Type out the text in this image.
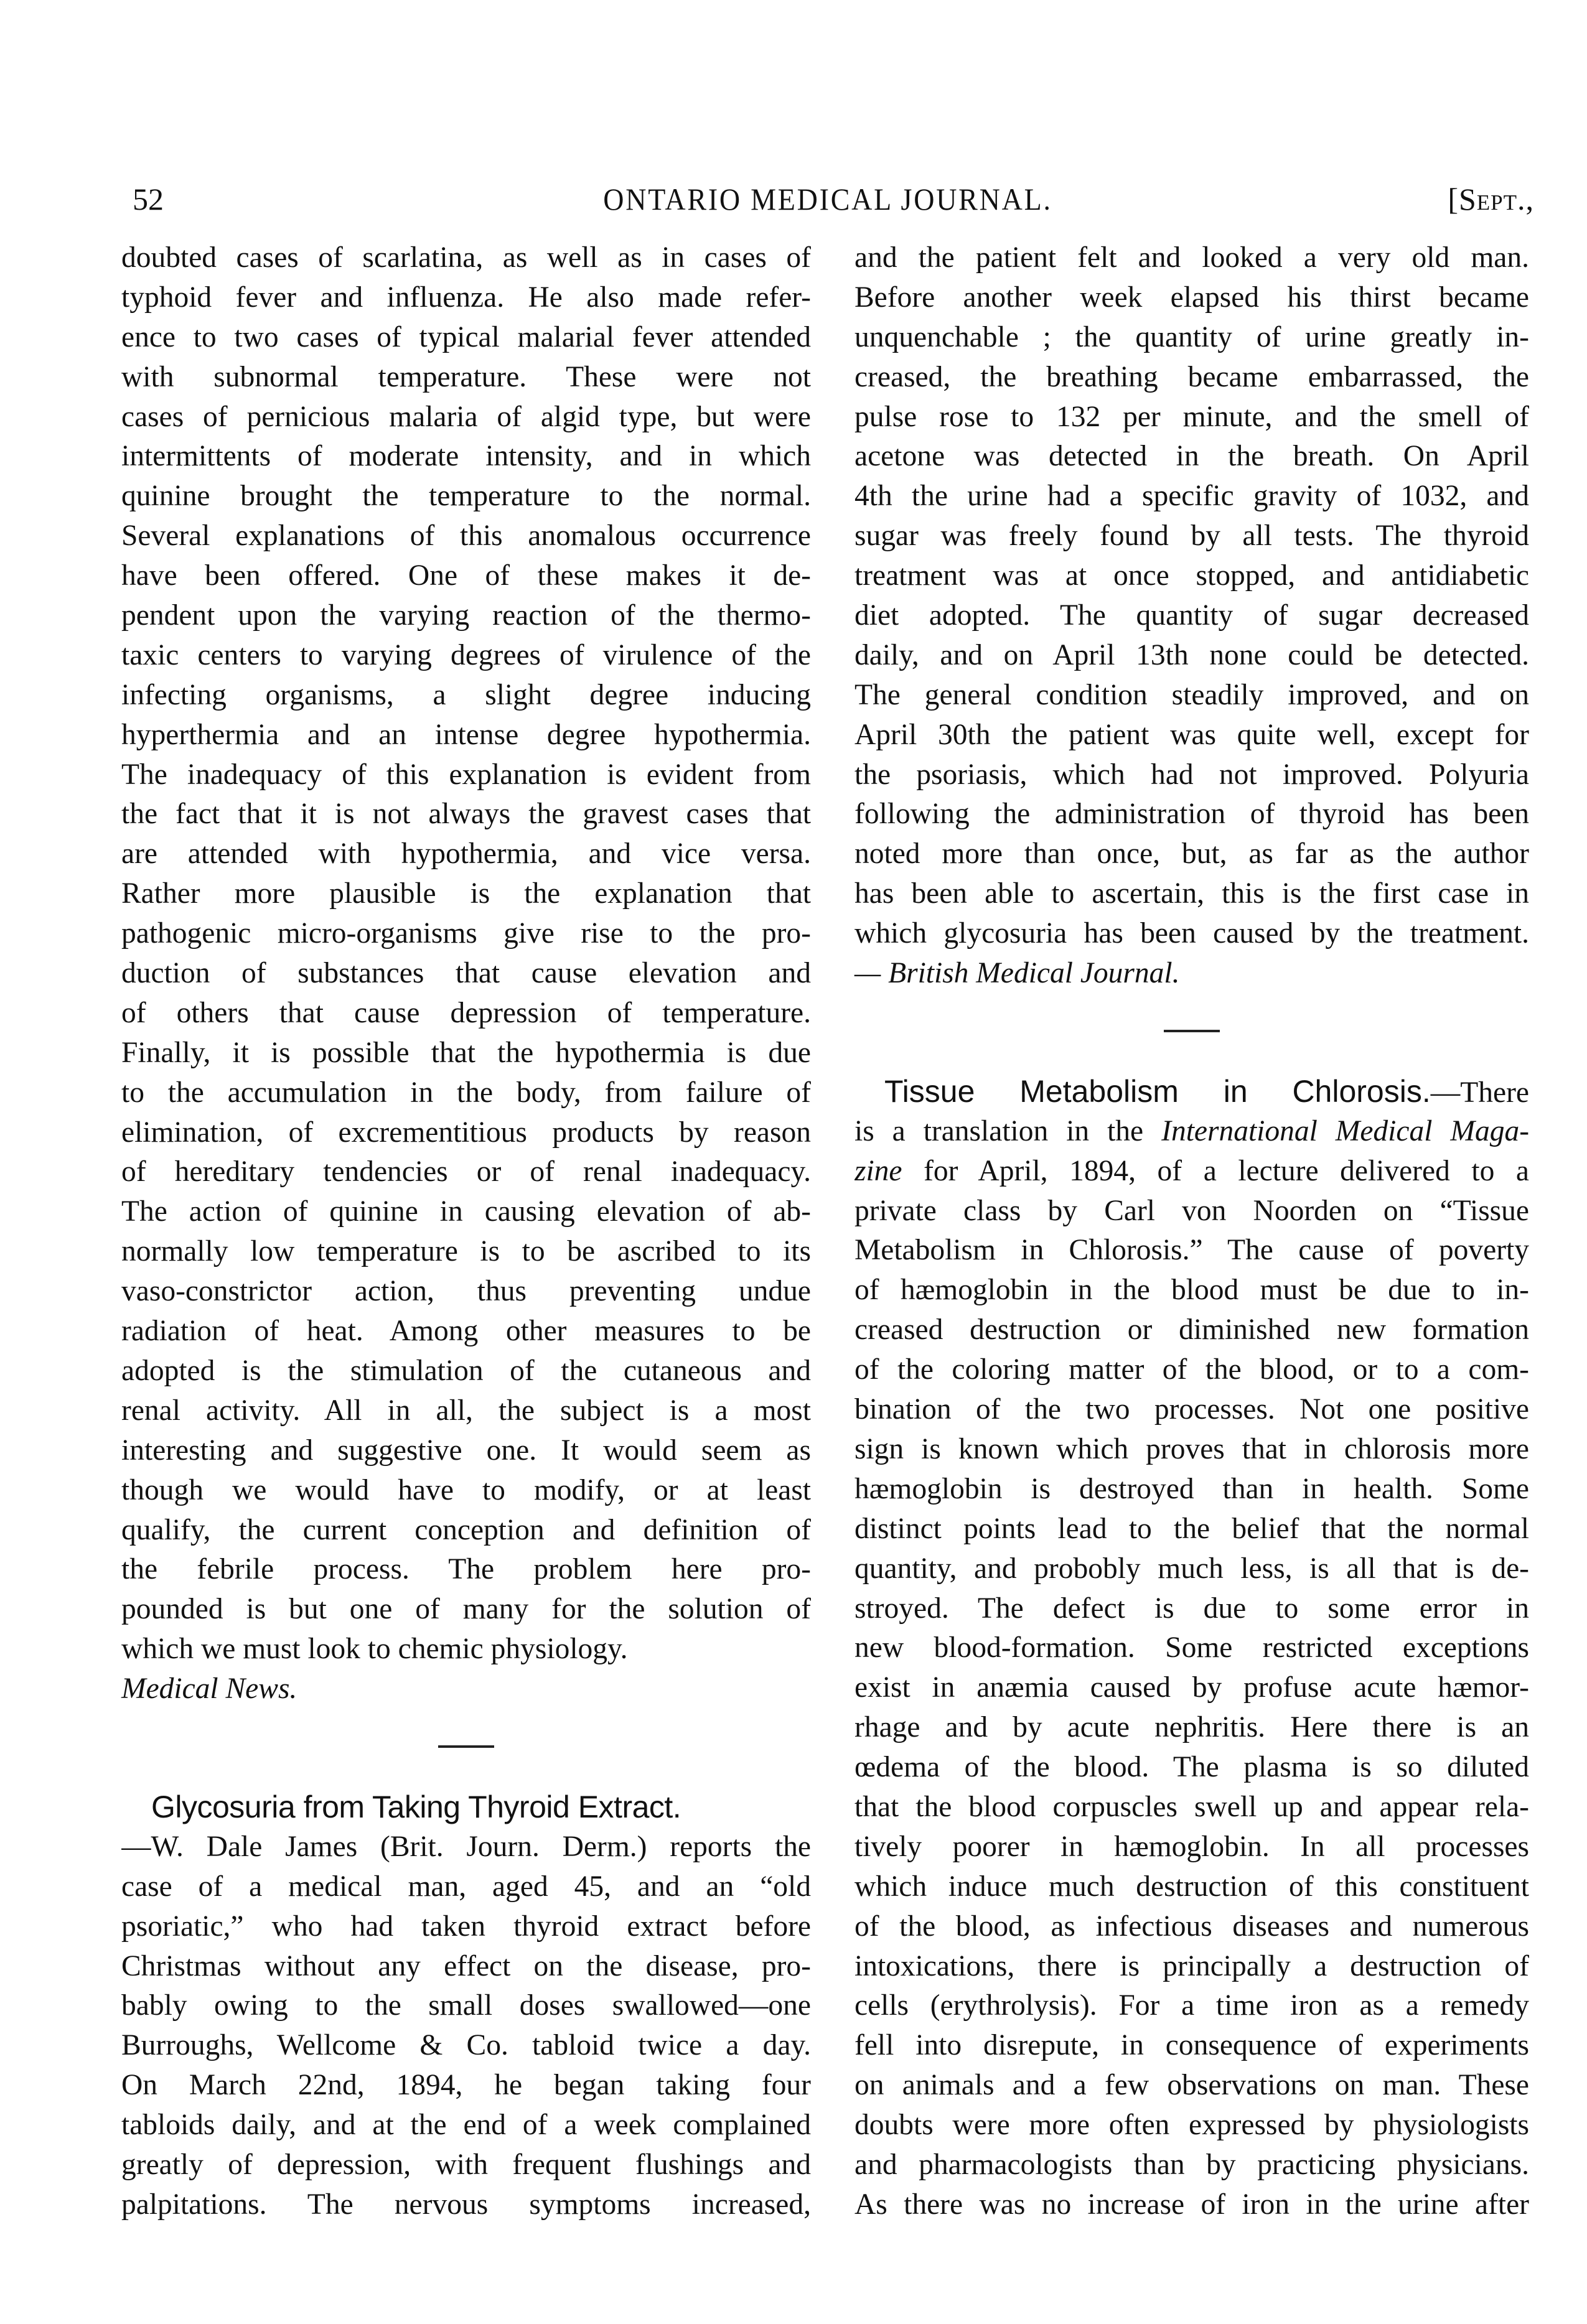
52	ONTARIO MEDICAL JOURNAL.	[Sept.,
doubted cases of scarlatina, as well as in cases of
typhoid fever and influenza. He also made refer-
ence to two cases of typical malarial fever attended
with subnormal temperature. These were not
cases of pernicious malaria of algid type, but were
intermittents of moderate intensity, and in which
quinine brought the temperature to the normal.
Several explanations of this anomalous occurrence
have been offered. One of these makes it de-
pendent upon the varying reaction of the thermo-
taxic centers to varying degrees of virulence of the
infecting organisms, a slight degree inducing
hyperthermia and an intense degree hypothermia.
The inadequacy of this explanation is evident from
the fact that it is not always the gravest cases that
are attended with hypothermia, and vice versa.
Rather more plausible is the explanation that
pathogenic micro-organisms give rise to the pro-
duction of substances that cause elevation and
of others that cause depression of temperature.
Finally, it is possible that the hypothermia is due
to the accumulation in the body, from failure of
elimination, of excrementitious products by reason
of hereditary tendencies or of renal inadequacy.
The action of quinine in causing elevation of ab-
normally low temperature is to be ascribed to its
vaso-constrictor action, thus preventing undue
radiation of heat. Among other measures to be
adopted is the stimulation of the cutaneous and
renal activity. All in all, the subject is a most
interesting and suggestive one. It would seem as
though we would have to modify, or at least
qualify, the current conception and definition of
the febrile process. The problem here pro-
pounded is but one of many for the solution of
which we must look to chemic physiology.
Medical News.
Glycosuria from Taking Thyroid Extract.
—W. Dale James (Brit. Journ. Derm.) reports the
case of a medical man, aged 45, and an “old
psoriatic,” who had taken thyroid extract before
Christmas without any effect on the disease, pro-
bably owing to the small doses swallowed—one
Burroughs, Wellcome & Co. tabloid twice a day.
On March 22nd, 1894, he began taking four
tabloids daily, and at the end of a week complained
greatly of depression, with frequent flushings and
palpitations. The nervous symptoms increased,
and the patient felt and looked a very old man.
Before another week elapsed his thirst became
unquenchable ; the quantity of urine greatly in-
creased, the breathing became embarrassed, the
pulse rose to 132 per minute, and the smell of
acetone was detected in the breath. On April
4th the urine had a specific gravity of 1032, and
sugar was freely found by all tests. The thyroid
treatment was at once stopped, and antidiabetic
diet adopted. The quantity of sugar decreased
daily, and on April 13th none could be detected.
The general condition steadily improved, and on
April 30th the patient was quite well, except for
the psoriasis, which had not improved. Polyuria
following the administration of thyroid has been
noted more than once, but, as far as the author
has been able to ascertain, this is the first case in
which glycosuria has been caused by the treatment.
— British Medical Journal.
Tissue Metabolism in Chlorosis.—There
is a translation in the International Medical Maga-
zine for April, 1894, of a lecture delivered to a
private class by Carl von Noorden on “Tissue
Metabolism in Chlorosis.” The cause of poverty
of hæmoglobin in the blood must be due to in-
creased destruction or diminished new formation
of the coloring matter of the blood, or to a com-
bination of the two processes. Not one positive
sign is known which proves that in chlorosis more
hæmoglobin is destroyed than in health. Some
distinct points lead to the belief that the normal
quantity, and probobly much less, is all that is de-
stroyed. The defect is due to some error in
new blood-formation. Some restricted exceptions
exist in anæmia caused by profuse acute hæmor-
rhage and by acute nephritis. Here there is an
œdema of the blood. The plasma is so diluted
that the blood corpuscles swell up and appear rela-
tively poorer in hæmoglobin. In all processes
which induce much destruction of this constituent
of the blood, as infectious diseases and numerous
intoxications, there is principally a destruction of
cells (erythrolysis). For a time iron as a remedy
fell into disrepute, in consequence of experiments
on animals and a few observations on man. These
doubts were more often expressed by physiologists
and pharmacologists than by practicing physicians.
As there was no increase of iron in the urine after
